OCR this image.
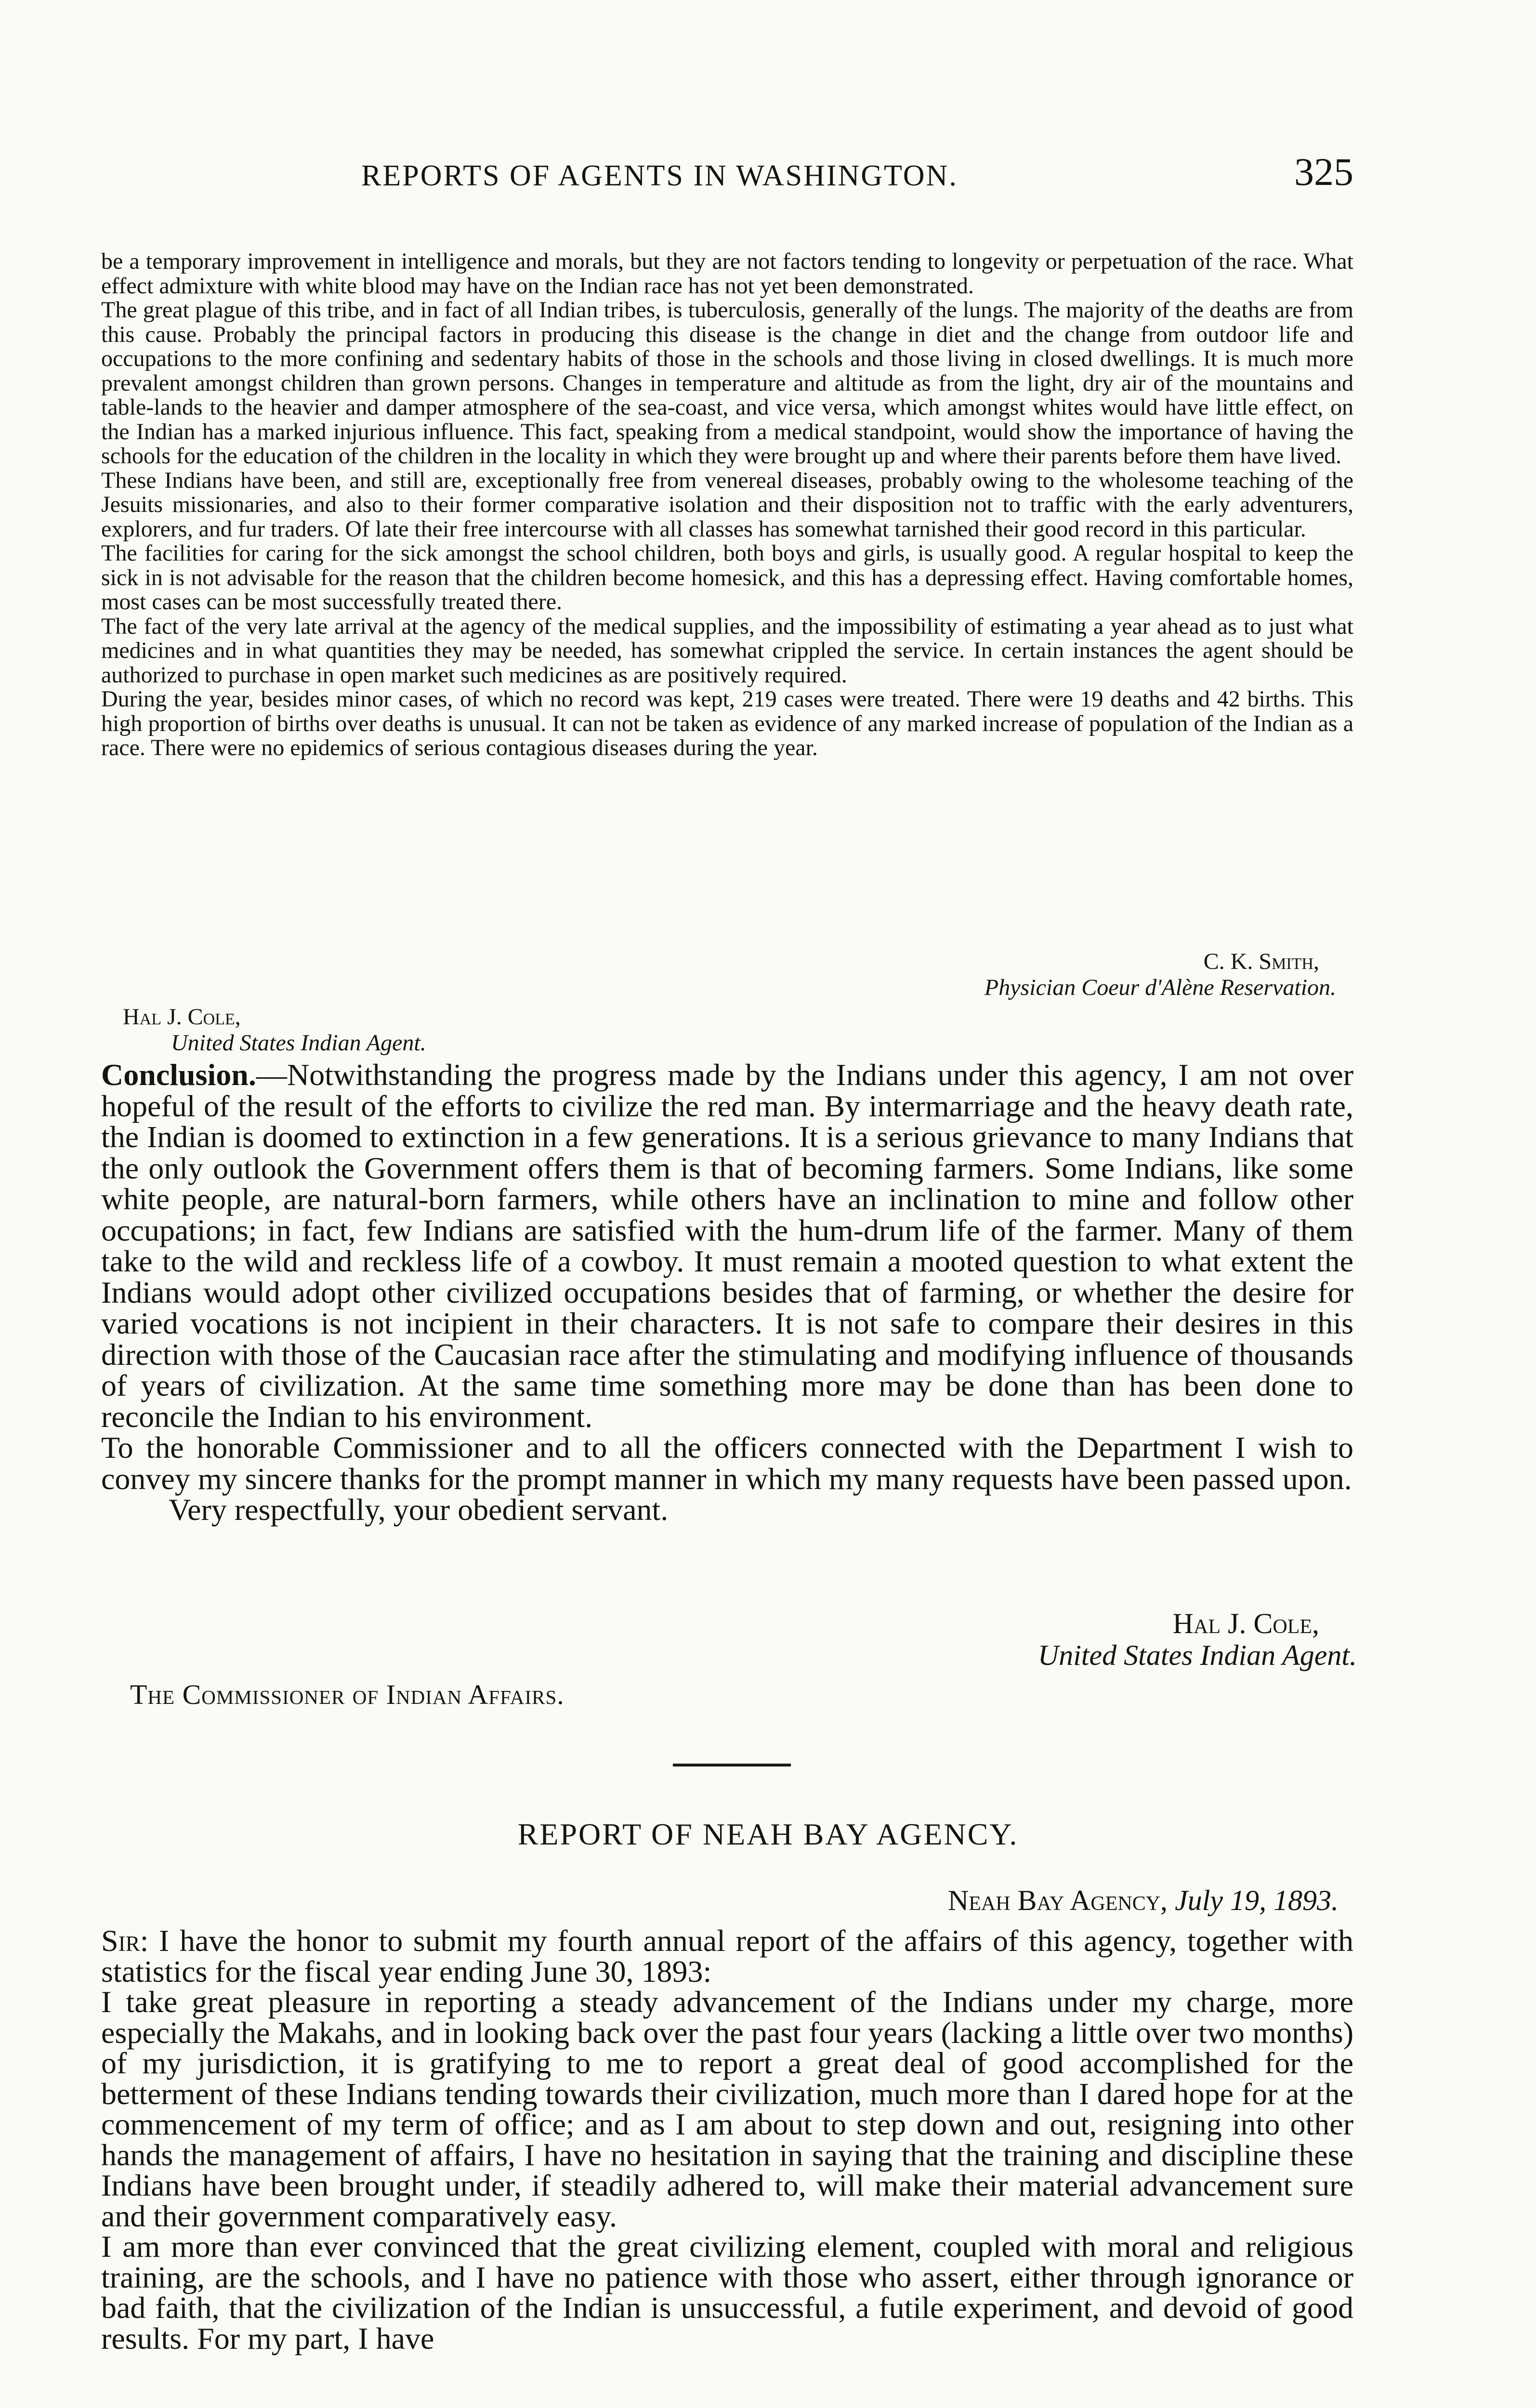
REPORTS OF AGENTS IN WASHINGTON.	325

be a temporary improvement in intelligence and morals, but they are not factors tending to longevity or perpetuation of the race. What effect admixture with white blood may have on the Indian race has not yet been demonstrated.

The great plague of this tribe, and in fact of all Indian tribes, is tuberculosis, generally of the lungs. The majority of the deaths are from this cause. Probably the principal factors in producing this disease is the change in diet and the change from outdoor life and occupations to the more confining and sedentary habits of those in the schools and those living in closed dwellings. It is much more prevalent amongst children than grown persons. Changes in temperature and altitude as from the light, dry air of the mountains and table-lands to the heavier and damper atmosphere of the sea-coast, and vice versa, which amongst whites would have little effect, on the Indian has a marked injurious influence. This fact, speaking from a medical standpoint, would show the importance of having the schools for the education of the children in the locality in which they were brought up and where their parents before them have lived.

These Indians have been, and still are, exceptionally free from venereal diseases, probably owing to the wholesome teaching of the Jesuits missionaries, and also to their former comparative isolation and their disposition not to traffic with the early adventurers, explorers, and fur traders. Of late their free intercourse with all classes has somewhat tarnished their good record in this particular.

The facilities for caring for the sick amongst the school children, both boys and girls, is usually good. A regular hospital to keep the sick in is not advisable for the reason that the children become homesick, and this has a depressing effect. Having comfortable homes, most cases can be most successfully treated there.

The fact of the very late arrival at the agency of the medical supplies, and the impossibility of estimating a year ahead as to just what medicines and in what quantities they may be needed, has somewhat crippled the service. In certain instances the agent should be authorized to purchase in open market such medicines as are positively required.

During the year, besides minor cases, of which no record was kept, 219 cases were treated. There were 19 deaths and 42 births. This high proportion of births over deaths is unusual. It can not be taken as evidence of any marked increase of population of the Indian as a race. There were no epidemics of serious contagious diseases during the year.

C. K. Smith,
Physician Coeur d'Alène Reservation.
Hal J. Cole,
United States Indian Agent.

Conclusion.—Notwithstanding the progress made by the Indians under this agency, I am not over hopeful of the result of the efforts to civilize the red man. By intermarriage and the heavy death rate, the Indian is doomed to extinction in a few generations. It is a serious grievance to many Indians that the only outlook the Government offers them is that of becoming farmers. Some Indians, like some white people, are natural-born farmers, while others have an inclination to mine and follow other occupations; in fact, few Indians are satisfied with the hum-drum life of the farmer. Many of them take to the wild and reckless life of a cowboy. It must remain a mooted question to what extent the Indians would adopt other civilized occupations besides that of farming, or whether the desire for varied vocations is not incipient in their characters. It is not safe to compare their desires in this direction with those of the Caucasian race after the stimulating and modifying influence of thousands of years of civilization. At the same time something more may be done than has been done to reconcile the Indian to his environment.

To the honorable Commissioner and to all the officers connected with the Department I wish to convey my sincere thanks for the prompt manner in which my many requests have been passed upon.

Very respectfully, your obedient servant.

Hal J. Cole,
United States Indian Agent.
The Commissioner of Indian Affairs.
REPORT OF NEAH BAY AGENCY.
Neah Bay Agency, July 19, 1893.

Sir: I have the honor to submit my fourth annual report of the affairs of this agency, together with statistics for the fiscal year ending June 30, 1893:

I take great pleasure in reporting a steady advancement of the Indians under my charge, more especially the Makahs, and in looking back over the past four years (lacking a little over two months) of my jurisdiction, it is gratifying to me to report a great deal of good accomplished for the betterment of these Indians tending towards their civilization, much more than I dared hope for at the commencement of my term of office; and as I am about to step down and out, resigning into other hands the management of affairs, I have no hesitation in saying that the training and discipline these Indians have been brought under, if steadily adhered to, will make their material advancement sure and their government comparatively easy.

I am more than ever convinced that the great civilizing element, coupled with moral and religious training, are the schools, and I have no patience with those who assert, either through ignorance or bad faith, that the civilization of the Indian is unsuccessful, a futile experiment, and devoid of good results. For my part, I have
